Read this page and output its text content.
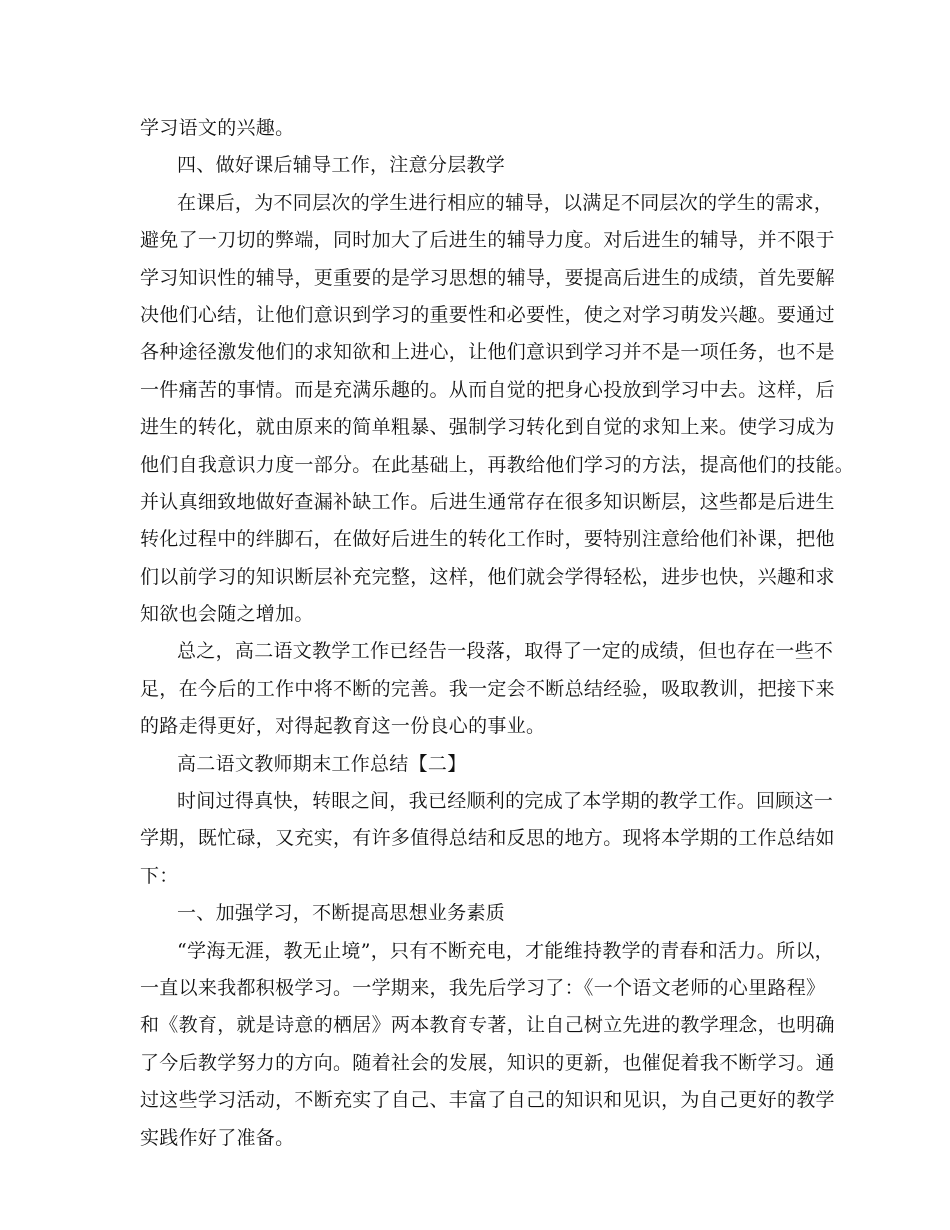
学习语文的兴趣。
四、做好课后辅导工作，注意分层教学
在课后，为不同层次的学生进行相应的辅导，以满足不同层次的学生的需求，
避免了一刀切的弊端，同时加大了后进生的辅导力度。对后进生的辅导，并不限于
学习知识性的辅导，更重要的是学习思想的辅导，要提高后进生的成绩，首先要解
决他们心结，让他们意识到学习的重要性和必要性，使之对学习萌发兴趣。要通过
各种途径激发他们的求知欲和上进心，让他们意识到学习并不是一项任务，也不是
一件痛苦的事情。而是充满乐趣的。从而自觉的把身心投放到学习中去。这样，后
进生的转化，就由原来的简单粗暴、强制学习转化到自觉的求知上来。使学习成为
他们自我意识力度一部分。在此基础上，再教给他们学习的方法，提高他们的技能。
并认真细致地做好查漏补缺工作。后进生通常存在很多知识断层，这些都是后进生
转化过程中的绊脚石，在做好后进生的转化工作时，要特别注意给他们补课，把他
们以前学习的知识断层补充完整，这样，他们就会学得轻松，进步也快，兴趣和求
知欲也会随之增加。
总之，高二语文教学工作已经告一段落，取得了一定的成绩，但也存在一些不
足，在今后的工作中将不断的完善。我一定会不断总结经验，吸取教训，把接下来
的路走得更好，对得起教育这一份良心的事业。
高二语文教师期末工作总结【二】
时间过得真快，转眼之间，我已经顺利的完成了本学期的教学工作。回顾这一
学期，既忙碌，又充实，有许多值得总结和反思的地方。现将本学期的工作总结如
下：
一、加强学习，不断提高思想业务素质
“学海无涯，教无止境”，只有不断充电，才能维持教学的青春和活力。所以，
一直以来我都积极学习。一学期来，我先后学习了：《一个语文老师的心里路程》
和《教育，就是诗意的栖居》两本教育专著，让自己树立先进的教学理念，也明确
了今后教学努力的方向。随着社会的发展，知识的更新，也催促着我不断学习。通
过这些学习活动，不断充实了自己、丰富了自己的知识和见识，为自己更好的教学
实践作好了准备。
